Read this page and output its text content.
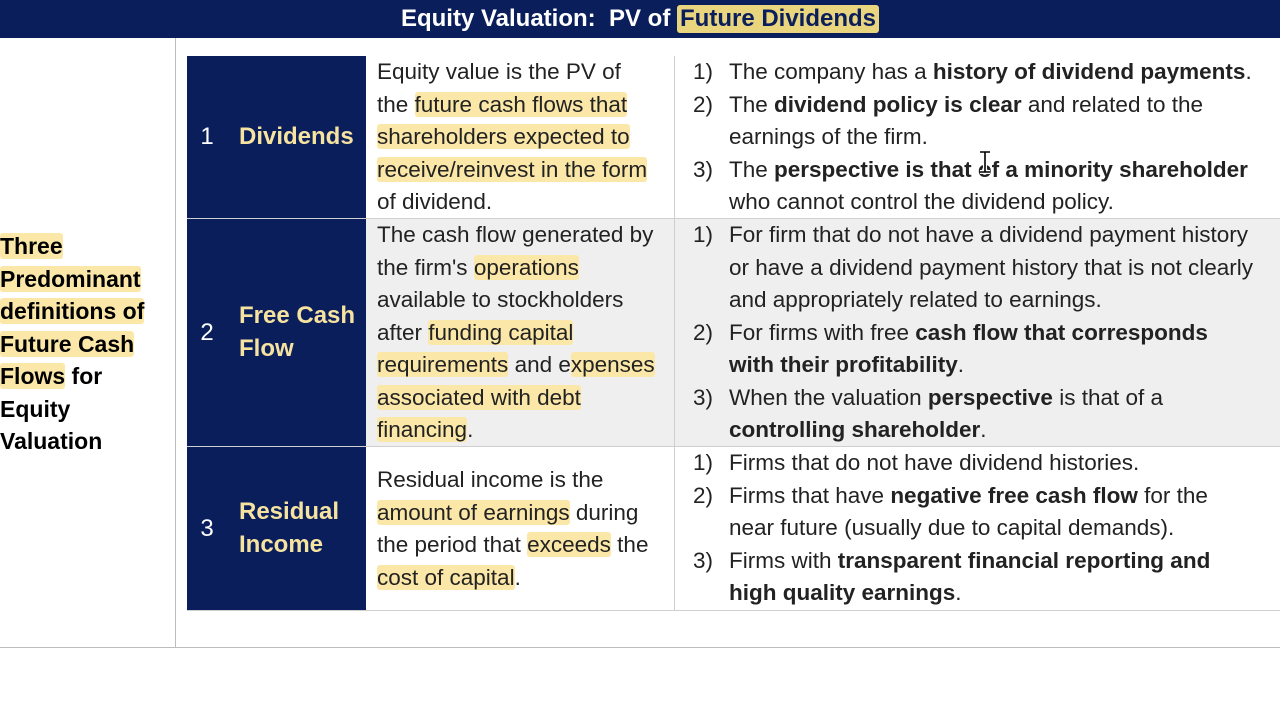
Equity Valuation:  PV of Future Dividends
Three
Predominant
definitions of
Future Cash
Flows for
Equity
Valuation
1	Dividends
Equity value is the PV of
the future cash flows that
shareholders expected to
receive/reinvest in the form
of dividend.
1) The company has a history of dividend payments.
2) The dividend policy is clear and related to the
earnings of the firm.
3) The perspective is that of a minority shareholder
who cannot control the dividend policy.
2
Free Cash
Flow
The cash flow generated by
the firm's operations
available to stockholders
after funding capital
requirements and expenses
associated with debt
financing.
1) For firm that do not have a dividend payment history
or have a dividend payment history that is not clearly
and appropriately related to earnings.
2) For firms with free cash flow that corresponds
with their profitability.
3) When the valuation perspective is that of a
controlling shareholder.
3
Residual
Income
Residual income is the
amount of earnings during
the period that exceeds the
cost of capital.
1) Firms that do not have dividend histories.
2) Firms that have negative free cash flow for the
near future (usually due to capital demands).
3) Firms with transparent financial reporting and
high quality earnings.
